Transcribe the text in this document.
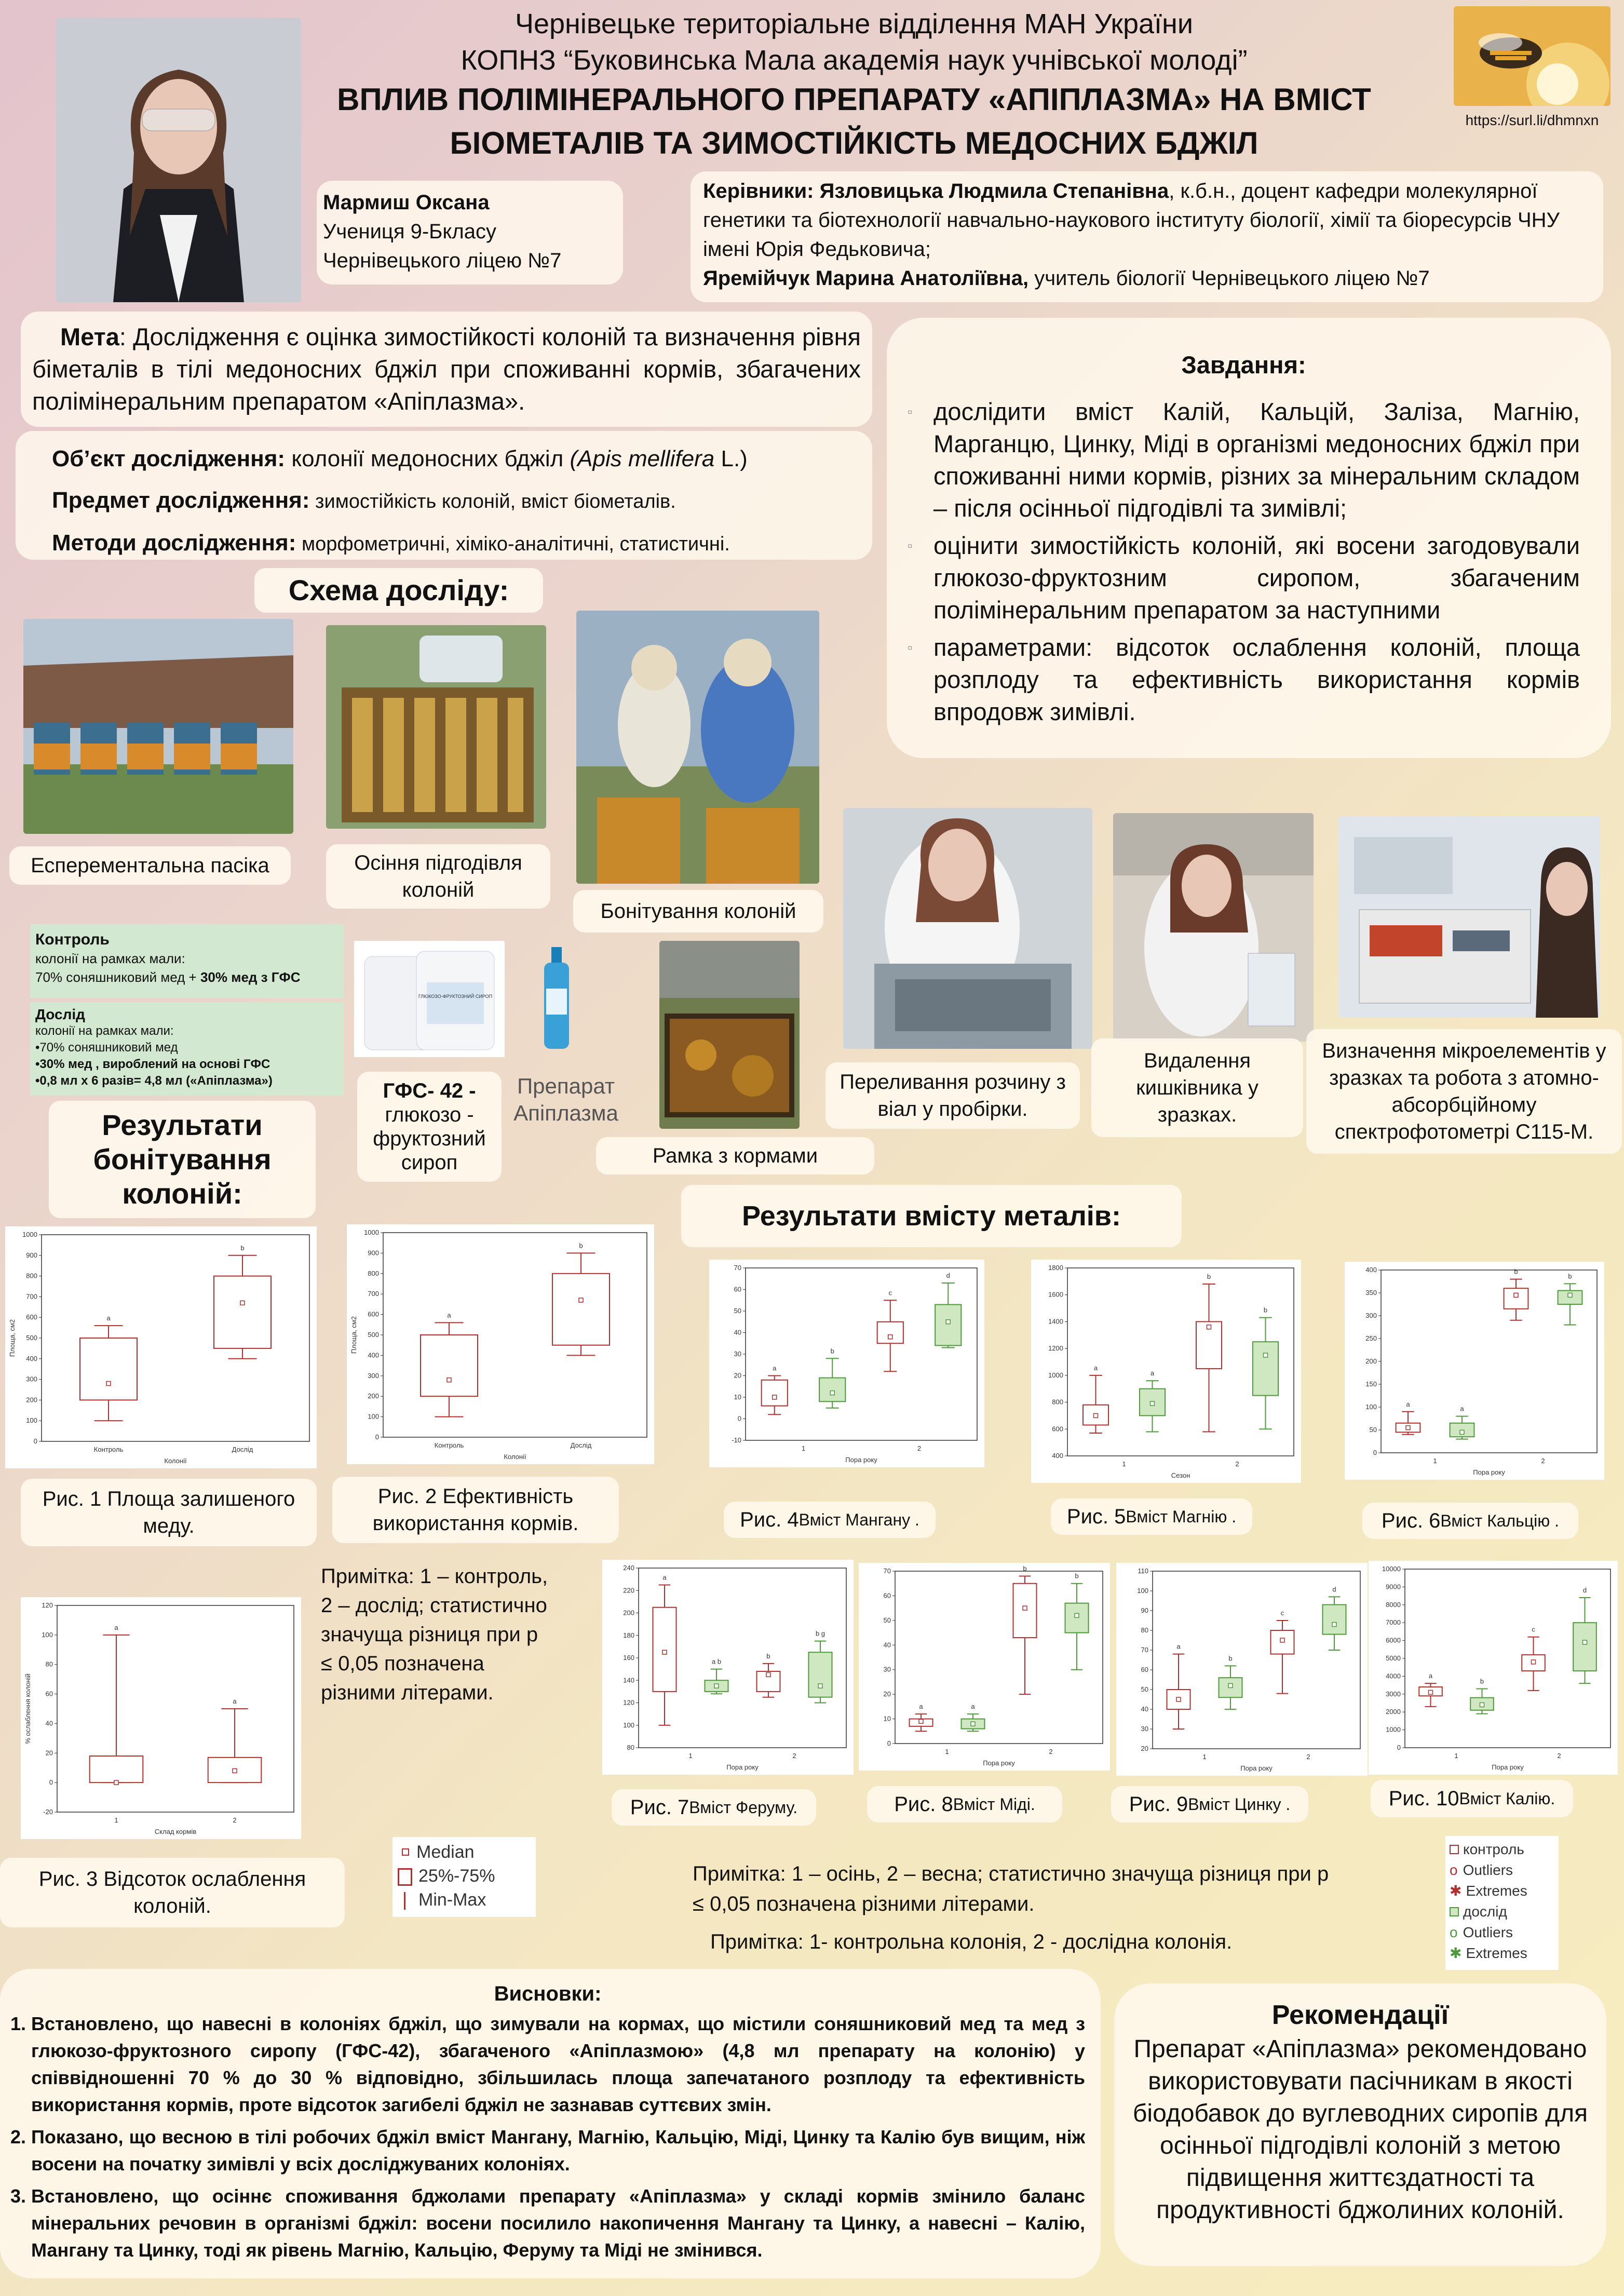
Чернівецьке територіальне відділення МАН України
КОПНЗ “Буковинська Мала академія наук учнівської молоді”
ВПЛИВ ПОЛІМІНЕРАЛЬНОГО ПРЕПАРАТУ «АПІПЛАЗМА» НА ВМІСТ
БІОМЕТАЛІВ ТА ЗИМОСТІЙКІСТЬ МЕДОСНИХ БДЖІЛ
https://surl.li/dhmnxn
Мармиш Оксана
Учениця 9-Бкласу
Чернівецького ліцею №7
Керівники: Язловицька Людмила Степанівна, к.б.н., доцент кафедри молекулярної генетики та біотехнології навчально-наукового інституту біології, хімії та біоресурсів ЧНУ імені Юрія Федьковича;
Яремійчук Марина Анатоліївна, учитель біології Чернівецького ліцею №7
Мета: Дослідження є оцінка зимостійкості колоній та визначення рівня біметалів в тілі медоносних бджіл при споживанні кормів, збагачених полімінеральним препаратом «Апіплазма».
Об’єкт дослідження: колонії медоносних бджіл (Apis mellifera L.)
Предмет дослідження: зимостійкість колоній, вміст біометалів.
Методи дослідження: морфометричні, хіміко-аналітичні, статистичні.
Завдання:
▫ дослідити вміст Калій, Кальцій, Заліза, Магнію, Марганцю, Цинку, Міді в організмі медоносних бджіл при споживанні ними кормів, різних за мінеральним складом – після осінньої підгодівлі та зимівлі;
▫ оцінити зимостійкість колоній, які восени загодовували глюкозо-фруктозним сиропом, збагаченим полімінеральним препаратом за наступними
▫ параметрами: відсоток ослаблення колоній, площа розплоду та ефективність використання кормів впродовж зимівлі.
Схема досліду:
Есперементальна пасіка	Осіння підгодівля колоній
Бонітування колоній
Переливання розчину з віал у пробірки.
Видалення кишківника у зразках.
Визначення мікроелементів у зразках та робота з атомно-абсорбційному спектрофотометрі С115-М.
Контроль
колонії на рамках мали:
70% соняшниковий мед + 30% мед з ГФС
Дослід
колонії на рамках мали:
•70% соняшниковий мед
•30% мед , вироблений на основі ГФС
•0,8 мл х 6 разів= 4,8 мл («Апіплазма»)
ГЛЮКОЗО-ФРУКТОЗНИЙ СИРОП
ГФС- 42 -
глюкозо - фруктозний сироп
Препарат Апіплазма
Рамка з кормами
Результати бонітування колоній:
Результати вмісту металів:
0
100
200
300
400
500
600
700
800
900
1000
a
b
Контроль	Дослід
Колонії
Площа, см2
0
100
200
300
400
500
600
700
800
900
1000
a
b
Контроль	Дослід
Колонії
Площа, см2
-20
0
20
40
60
80
100
120
a
a
1	2
Склад кормів
% ослаблення колоній
-10
0
10
20
30
40
50
60
70
a
b
c
d
1	2
Пора року
400
600
800
1000
1200
1400
1600
1800
a
a
b
b
1	2
Сезон
0
50
100
150
200
250
300
350
400
a
a
b
b
1	2
Пора року
80
100
120
140
160
180
200
220
240
a
a b
b
b g
1	2
Пора року
0
10
20
30
40
50
60
70
a	a
b
b
1	2
Пора року
20
30
40
50
60
70
80
90
100
110
a
b
c
d
1	2
Пора року
0
1000
2000
3000
4000
5000
6000
7000
8000
9000
10000
a
b
c
d
1	2
Пора року
Рис. 1 Площа залишеного меду.
Рис. 2 Ефективність використання кормів.
Рис. 3 Відсоток ослаблення колоній.
Примітка: 1 – контроль, 2 – дослід; статистично значуща різниця при р ≤ 0,05 позначена різними літерами.
Рис. 4 Вміст Мангану .	Рис. 5 Вміст Магнію .	Рис. 6 Вміст Кальцію .
Рис. 7 Вміст Феруму.	Рис. 8 Вміст Міді.	Рис. 9 Вміст Цинку .	Рис. 10 Вміст Калію.
Median
25%-75%
Min-Max
контроль
o Outliers
✱ Extremes
дослід
o Outliers
✱ Extremes
Примітка: 1 – осінь, 2 – весна; статистично значуща різниця при р ≤ 0,05 позначена різними літерами.
Примітка: 1- контрольна колонія, 2 - дослідна колонія.
Висновки:
1. Встановлено, що навесні в колоніях бджіл, що зимували на кормах, що містили соняшниковий мед та мед з глюкозо-фруктозного сиропу (ГФС-42), збагаченого «Апіплазмою» (4,8 мл препарату на колонію) у співвідношенні 70 % до 30 % відповідно, збільшилась площа запечатаного розплоду та ефективність використання кормів, проте відсоток загибелі бджіл не зазнавав суттєвих змін.
2. Показано, що весною в тілі робочих бджіл вміст Мангану, Магнію, Кальцію, Міді, Цинку та Калію був вищим, ніж восени на початку зимівлі у всіх досліджуваних колоніях.
3. Встановлено, що осіннє споживання бджолами препарату «Апіплазма» у складі кормів змінило баланс мінеральних речовин в організмі бджіл: восени посилило накопичення Мангану та Цинку, а навесні – Калію, Мангану та Цинку, тоді як рівень Магнію, Кальцію, Феруму та Міді не змінився.
Рекомендації
Препарат «Апіплазма» рекомендовано використовувати пасічникам в якості біодобавок до вуглеводних сиропів для осінньої підгодівлі колоній з метою підвищення життєздатності та продуктивності бджолиних колоній.
